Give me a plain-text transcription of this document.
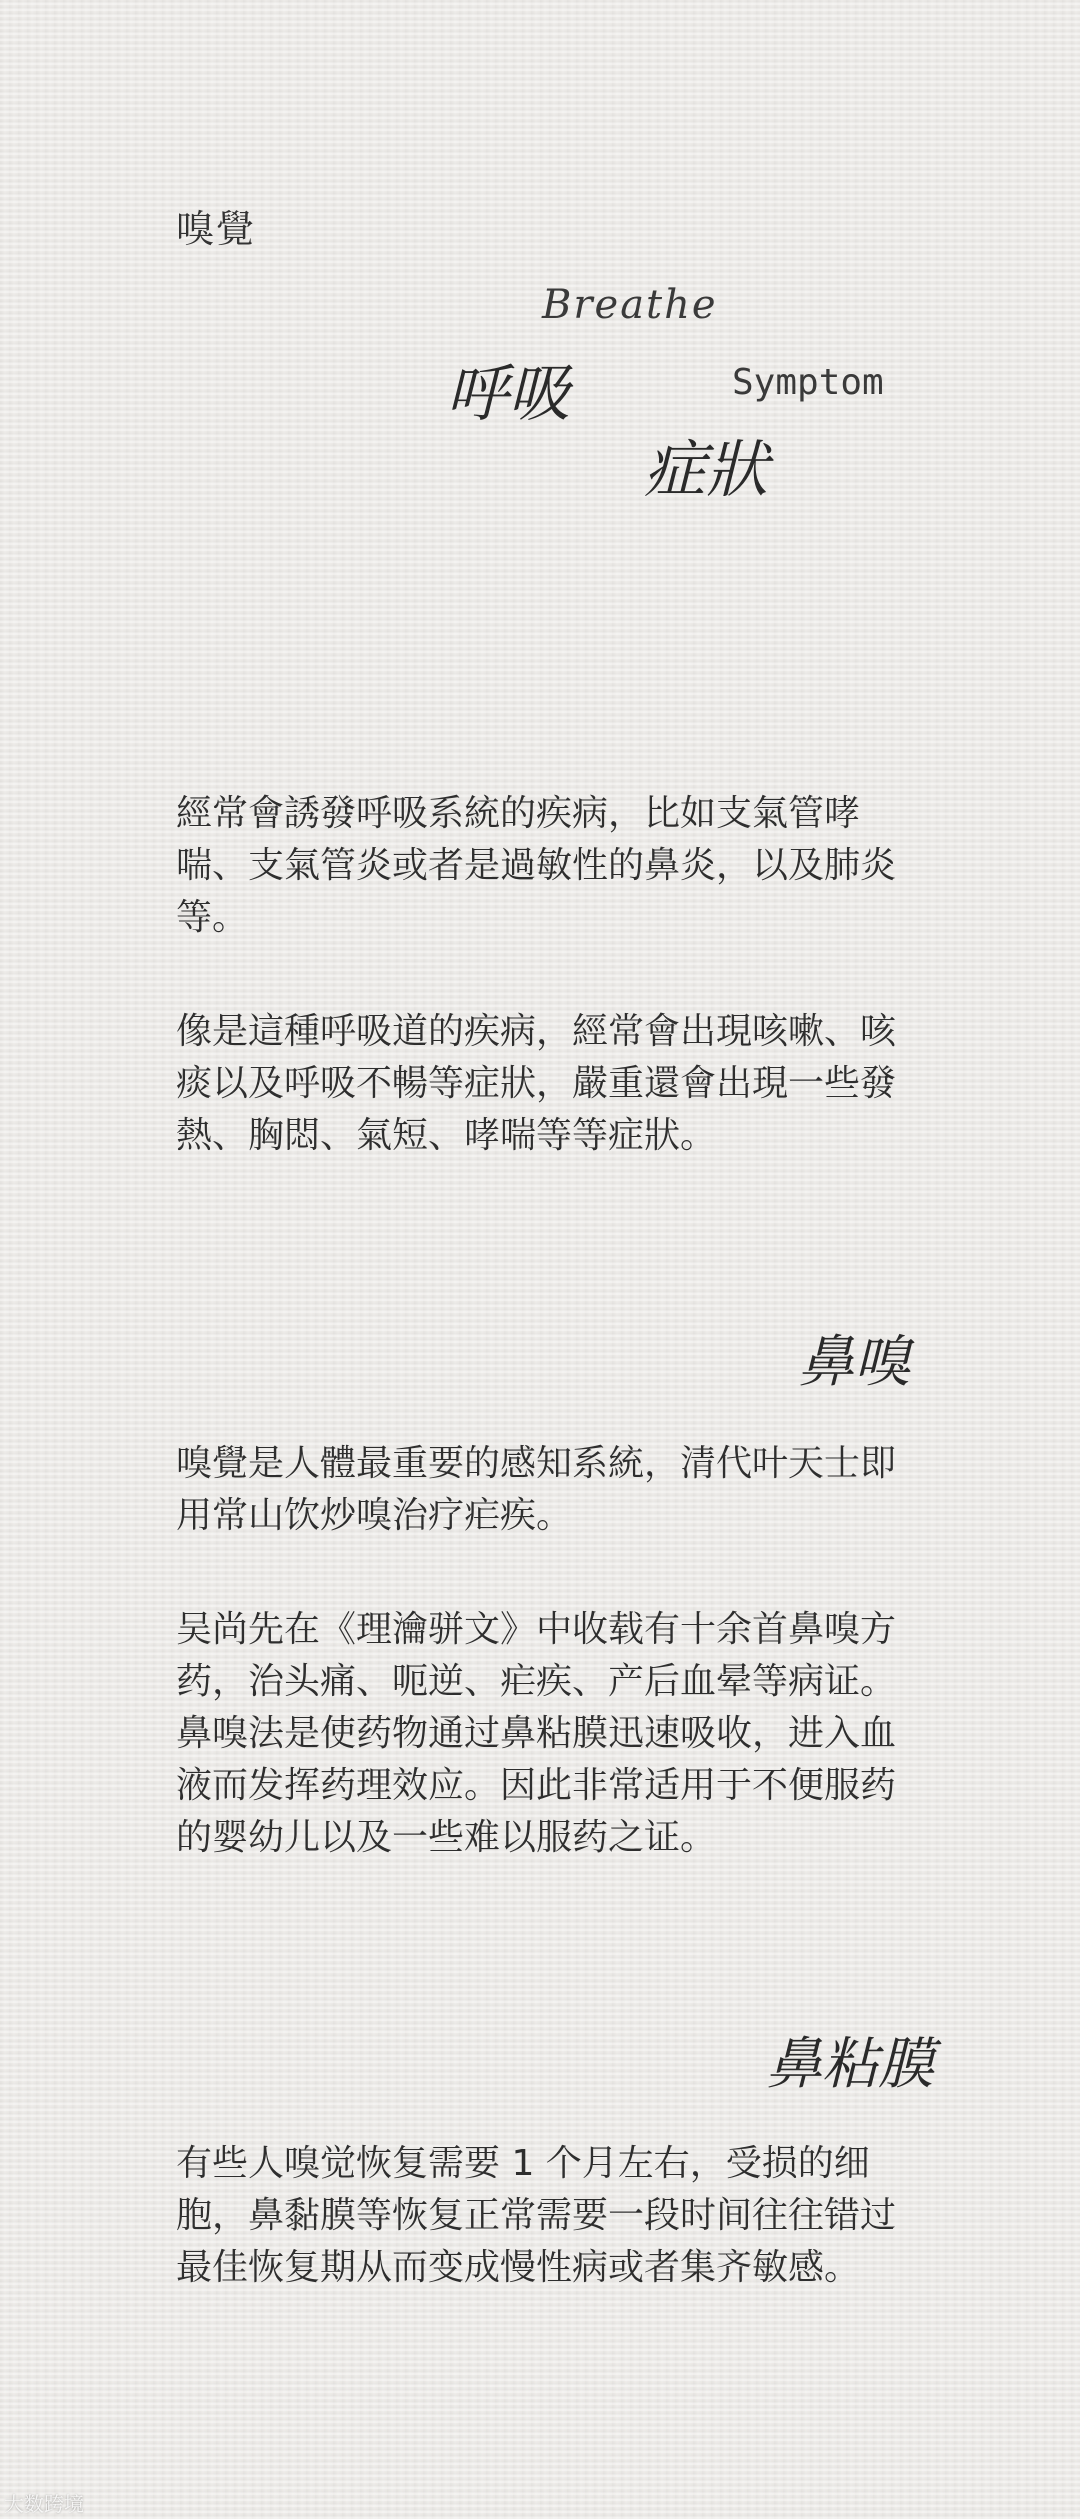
嗅覺

Breathe

呼吸	Symptom

症狀

經常會誘發呼吸系統的疾病，比如支氣管哮喘、支氣管炎或者是過敏性的鼻炎，以及肺炎等。

像是這種呼吸道的疾病，經常會出現咳嗽、咳痰以及呼吸不暢等症狀，嚴重還會出現一些發熱、胸悶、氣短、哮喘等等症狀。

鼻嗅

嗅覺是人體最重要的感知系統，清代叶天士即用常山饮炒嗅治疗疟疾。

吴尚先在《理瀹骈文》中收载有十余首鼻嗅方药，治头痛、呃逆、疟疾、产后血晕等病证。鼻嗅法是使药物通过鼻粘膜迅速吸收，进入血液而发挥药理效应。因此非常适用于不便服药的婴幼儿以及一些难以服药之证。

鼻粘膜

有些人嗅觉恢复需要 1 个月左右，受损的细胞，鼻黏膜等恢复正常需要一段时间往往错过最佳恢复期从而变成慢性病或者集齐敏感。

大数跨境
